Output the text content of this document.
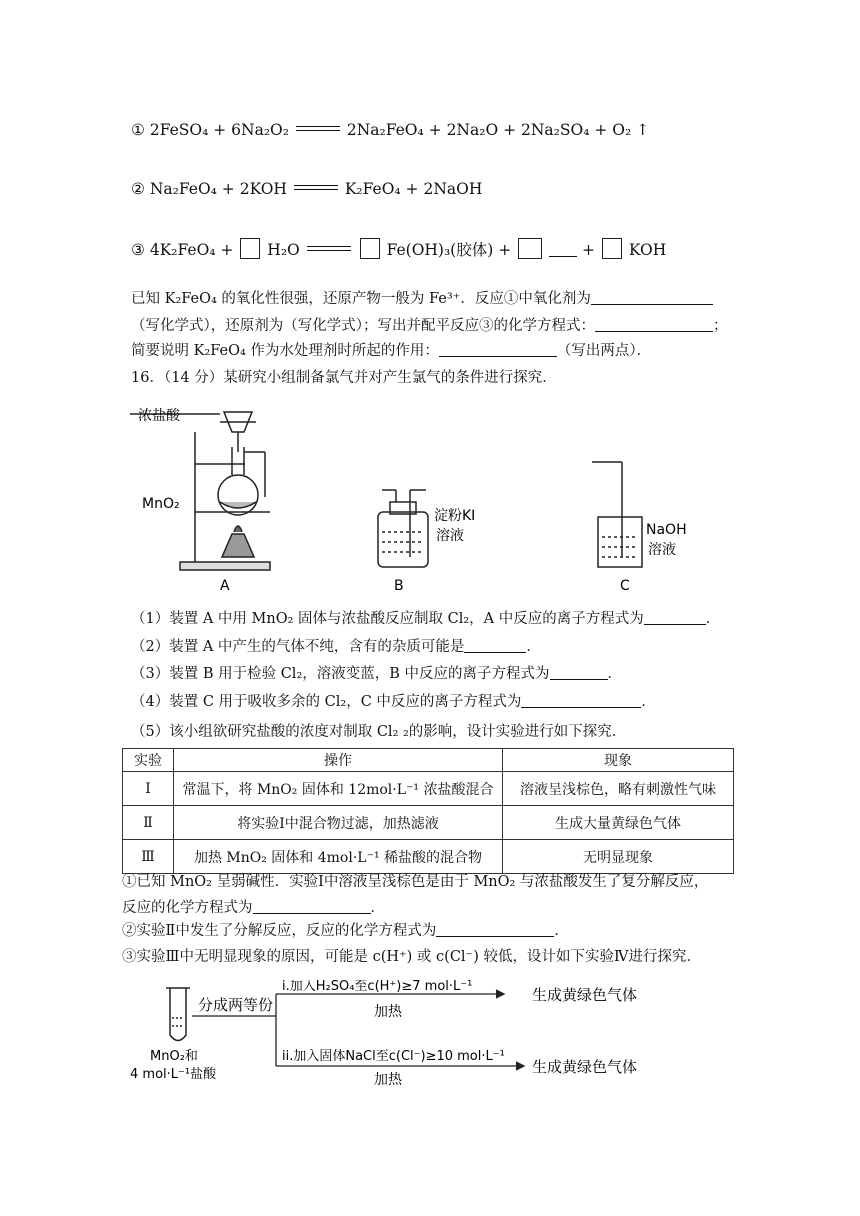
① 2FeSO₄ + 6Na₂O₂	2Na₂FeO₄ + 2Na₂O + 2Na₂SO₄ + O₂ ↑
② Na₂FeO₄ + 2KOH	K₂FeO₄ + 2NaOH
③ 4K₂FeO₄ + H₂O	Fe(OH)₃(胶体) +	+ KOH
已知 K₂FeO₄ 的氧化性很强，还原产物一般为 Fe³⁺．反应①中氧化剂为
（写化学式），还原剂为（写化学式）；写出并配平反应③的化学方程式：	；
简要说明 K₂FeO₄ 作为水处理剂时所起的作用：	（写出两点）．
16．（14 分）某研究小组制备氯气并对产生氯气的条件进行探究．
浓盐酸
MnO₂
A
淀粉KI
溶液
B
NaOH
溶液
C
（1）装置 A 中用 MnO₂ 固体与浓盐酸反应制取 Cl₂，A 中反应的离子方程式为	．
（2）装置 A 中产生的气体不纯，含有的杂质可能是	．
（3）装置 B 用于检验 Cl₂，溶液变蓝，B 中反应的离子方程式为	．
（4）装置 C 用于吸收多余的 Cl₂，C 中反应的离子方程式为	．
（5）该小组欲研究盐酸的浓度对制取 Cl₂ ₂的影响，设计实验进行如下探究．
实验	操作	现象
Ⅰ	常温下，将 MnO₂ 固体和 12mol·L⁻¹ 浓盐酸混合	溶液呈浅棕色，略有刺激性气味
Ⅱ	将实验Ⅰ中混合物过滤，加热滤液	生成大量黄绿色气体
Ⅲ	加热 MnO₂ 固体和 4mol·L⁻¹ 稀盐酸的混合物	无明显现象
①已知 MnO₂ 呈弱碱性．实验Ⅰ中溶液呈浅棕色是由于 MnO₂ 与浓盐酸发生了复分解反应，
反应的化学方程式为	．
②实验Ⅱ中发生了分解反应，反应的化学方程式为	．
③实验Ⅲ中无明显现象的原因，可能是 c(H⁺) 或 c(Cl⁻) 较低，设计如下实验Ⅳ进行探究．
分成两等份
MnO₂和
4 mol·L⁻¹盐酸
i.加入H₂SO₄至c(H⁺)≥7 mol·L⁻¹
加热
生成黄绿色气体
ii.加入固体NaCl至c(Cl⁻)≥10 mol·L⁻¹
加热
生成黄绿色气体
